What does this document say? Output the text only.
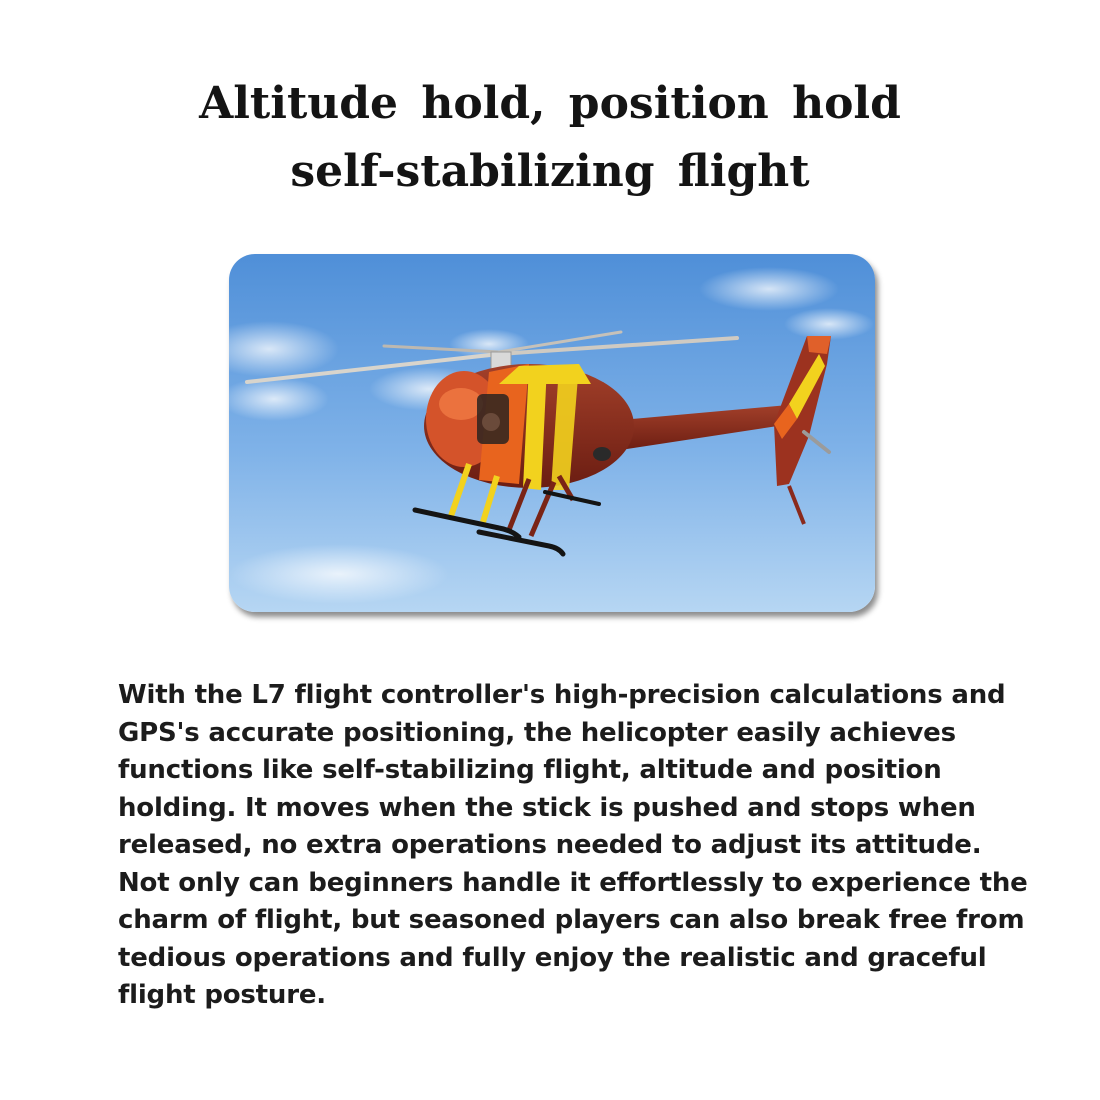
Altitude hold, position hold
self-stabilizing flight
With the L7 flight controller's high-precision calculations and
GPS's accurate positioning, the helicopter easily achieves
functions like self-stabilizing flight, altitude and position
holding. It moves when the stick is pushed and stops when
released, no extra operations needed to adjust its attitude.
Not only can beginners handle it effortlessly to experience the
charm of flight, but seasoned players can also break free from
tedious operations and fully enjoy the realistic and graceful
flight posture.
